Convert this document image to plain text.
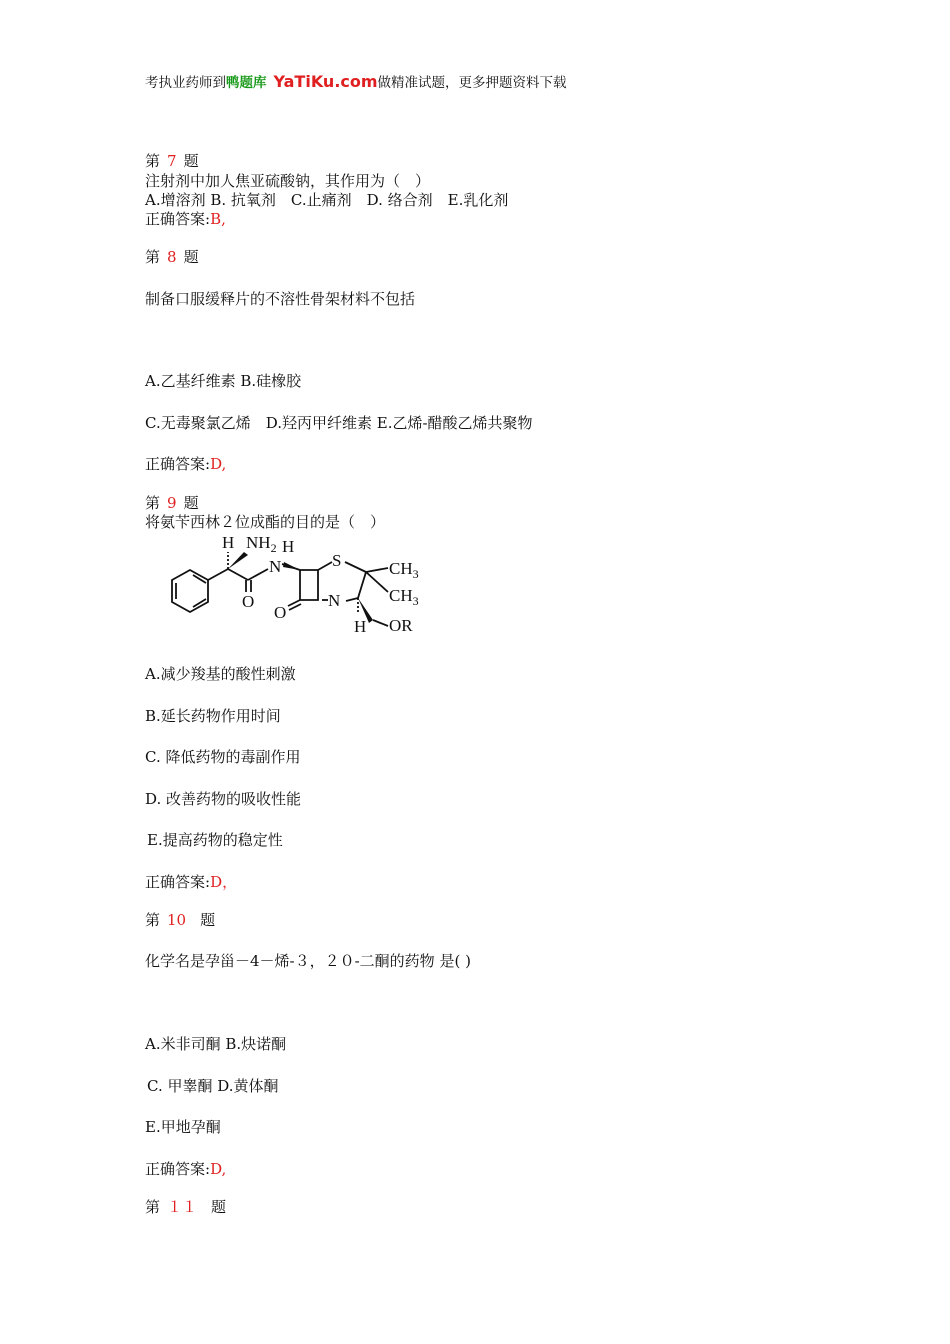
考执业药师到鸭题库 YaTiKu.com做精准试题，更多押题资料下载
第 7 题
注射剂中加人焦亚硫酸钠，其作用为（　）
A.增溶剂 B. 抗氧剂　C.止痛剂　D. 络合剂　E.乳化剂
正确答案:B,
第 8 题
制备口服缓释片的不溶性骨架材料不包括
A.乙基纤维素 B.硅橡胶
C.无毒聚氯乙烯　D.羟丙甲纤维素 E.乙烯-醋酸乙烯共聚物
正确答案:D,
第 9 题
将氨苄西林２位成酯的目的是（　）
H $NH_2$ H
N
O
S	$CH_3$
$CH_3$
O
N
H OR
A.减少羧基的酸性刺激
B.延长药物作用时间
C. 降低药物的毒副作用
D. 改善药物的吸收性能
E.提高药物的稳定性
正确答案:D，
第 10 题
化学名是孕甾－4－烯-３，２０-二酮的药物 是( )
A.米非司酮 B.炔诺酮
C. 甲睾酮 D.黄体酮
E.甲地孕酮
正确答案:D,
第 １１ 题
